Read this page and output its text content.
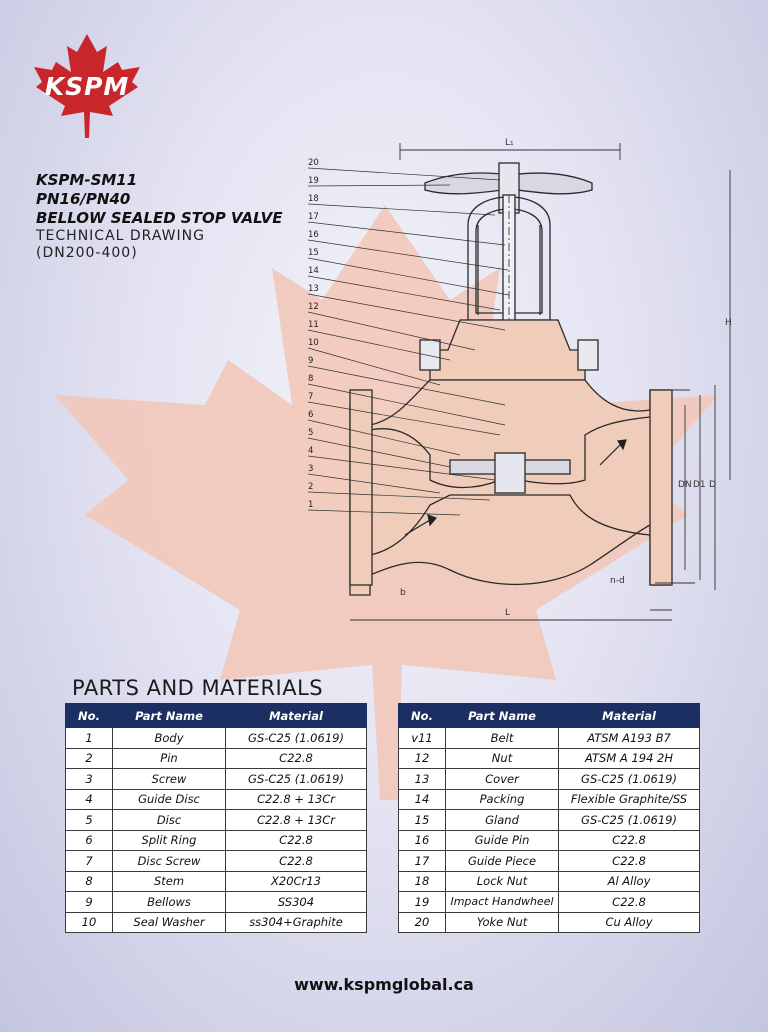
KSPM
KSPM-SM11
PN16/PN40
BELLOW SEALED STOP VALVE
TECHNICAL DRAWING
(DN200-400)
L₁
H
DN D1 D
L
n-d
b
20
19
18
17
16
15
14
13
12
11
10
9
8
7
6
5
4
3
2
1
PARTS AND MATERIALS
No.	Part Name	Material
1	Body	GS-C25 (1.0619)
2	Pin	C22.8
3	Screw	GS-C25 (1.0619)
4	Guide Disc	C22.8 + 13Cr
5	Disc	C22.8 + 13Cr
6	Split Ring	C22.8
7	Disc Screw	C22.8
8	Stem	X20Cr13
9	Bellows	SS304
10	Seal Washer	ss304+Graphite
No.	Part Name	Material
v11	Belt	ATSM A193 B7
12	Nut	ATSM A 194 2H
13	Cover	GS-C25 (1.0619)
14	Packing	Flexible Graphite/SS
15	Gland	GS-C25 (1.0619)
16	Guide Pin	C22.8
17	Guide Piece	C22.8
18	Lock Nut	Al Alloy
19	Impact Handwheel	C22.8
20	Yoke Nut	Cu Alloy
www.kspmglobal.ca
